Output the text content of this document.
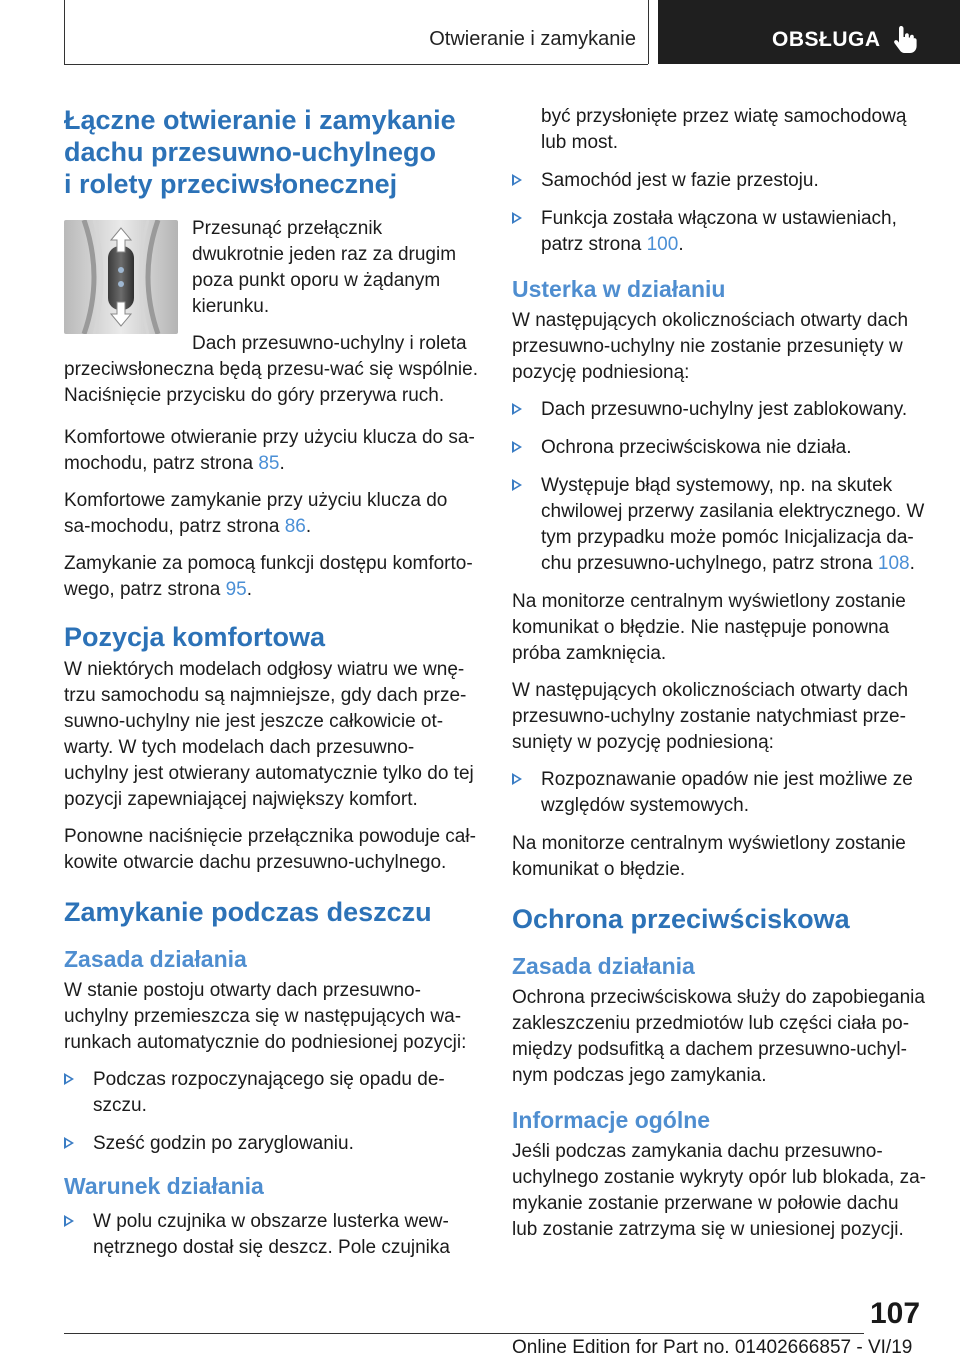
Otwieranie i zamykanie	OBSŁUGA
Łączne otwieranie i zamykanie
dachu przesuwno-uchylnego
i rolety przeciwsłonecznej

Przesunąć przełącznik dwukrotnie jeden raz za drugim poza punkt oporu w żądanym kierunku.

Dach przesuwno-uchylny i roleta przeciwsłoneczna będą przesu-wać się wspólnie. Naciśnięcie przycisku do góry przerywa ruch.

Komfortowe otwieranie przy użyciu klucza do sa-mochodu, patrz strona 85.

Komfortowe zamykanie przy użyciu klucza do sa-mochodu, patrz strona 86.

Zamykanie za pomocą funkcji dostępu komforto-wego, patrz strona 95.

Pozycja komfortowa

W niektórych modelach odgłosy wiatru we wnę-trzu samochodu są najmniejsze, gdy dach prze-suwno-uchylny nie jest jeszcze całkowicie ot-warty. W tych modelach dach przesuwno-uchylny jest otwierany automatycznie tylko do tej pozycji zapewniającej największy komfort.

Ponowne naciśnięcie przełącznika powoduje cał-kowite otwarcie dachu przesuwno-uchylnego.

Zamykanie podczas deszczu
Zasada działania

W stanie postoju otwarty dach przesuwno-uchylny przemieszcza się w następujących wa-runkach automatycznie do podniesionej pozycji:

Podczas rozpoczynającego się opadu de-szczu.
Sześć godzin po zaryglowaniu.
Warunek działania
W polu czujnika w obszarze lusterka wew-nętrznego dostał się deszcz. Pole czujnika
być przysłonięte przez wiatę samochodową lub most.
Samochód jest w fazie przestoju.
Funkcja została włączona w ustawieniach, patrz strona 100.
Usterka w działaniu

W następujących okolicznościach otwarty dach przesuwno-uchylny nie zostanie przesunięty w pozycję podniesioną:

Dach przesuwno-uchylny jest zablokowany.
Ochrona przeciwściskowa nie działa.
Występuje błąd systemowy, np. na skutek chwilowej przerwy zasilania elektrycznego. W tym przypadku może pomóc Inicjalizacja da-chu przesuwno-uchylnego, patrz strona 108.

Na monitorze centralnym wyświetlony zostanie komunikat o błędzie. Nie następuje ponowna próba zamknięcia.

W następujących okolicznościach otwarty dach przesuwno-uchylny zostanie natychmiast prze-sunięty w pozycję podniesioną:

Rozpoznawanie opadów nie jest możliwe ze względów systemowych.

Na monitorze centralnym wyświetlony zostanie komunikat o błędzie.

Ochrona przeciwściskowa
Zasada działania

Ochrona przeciwściskowa służy do zapobiegania zakleszczeniu przedmiotów lub części ciała po-między podsufitką a dachem przesuwno-uchyl-nym podczas jego zamykania.

Informacje ogólne

Jeśli podczas zamykania dachu przesuwno-uchylnego zostanie wykryty opór lub blokada, za-mykanie zostanie przerwane w połowie dachu lub zostanie zatrzyma się w uniesionej pozycji.

107
Online Edition for Part no. 01402666857 - VI/19
